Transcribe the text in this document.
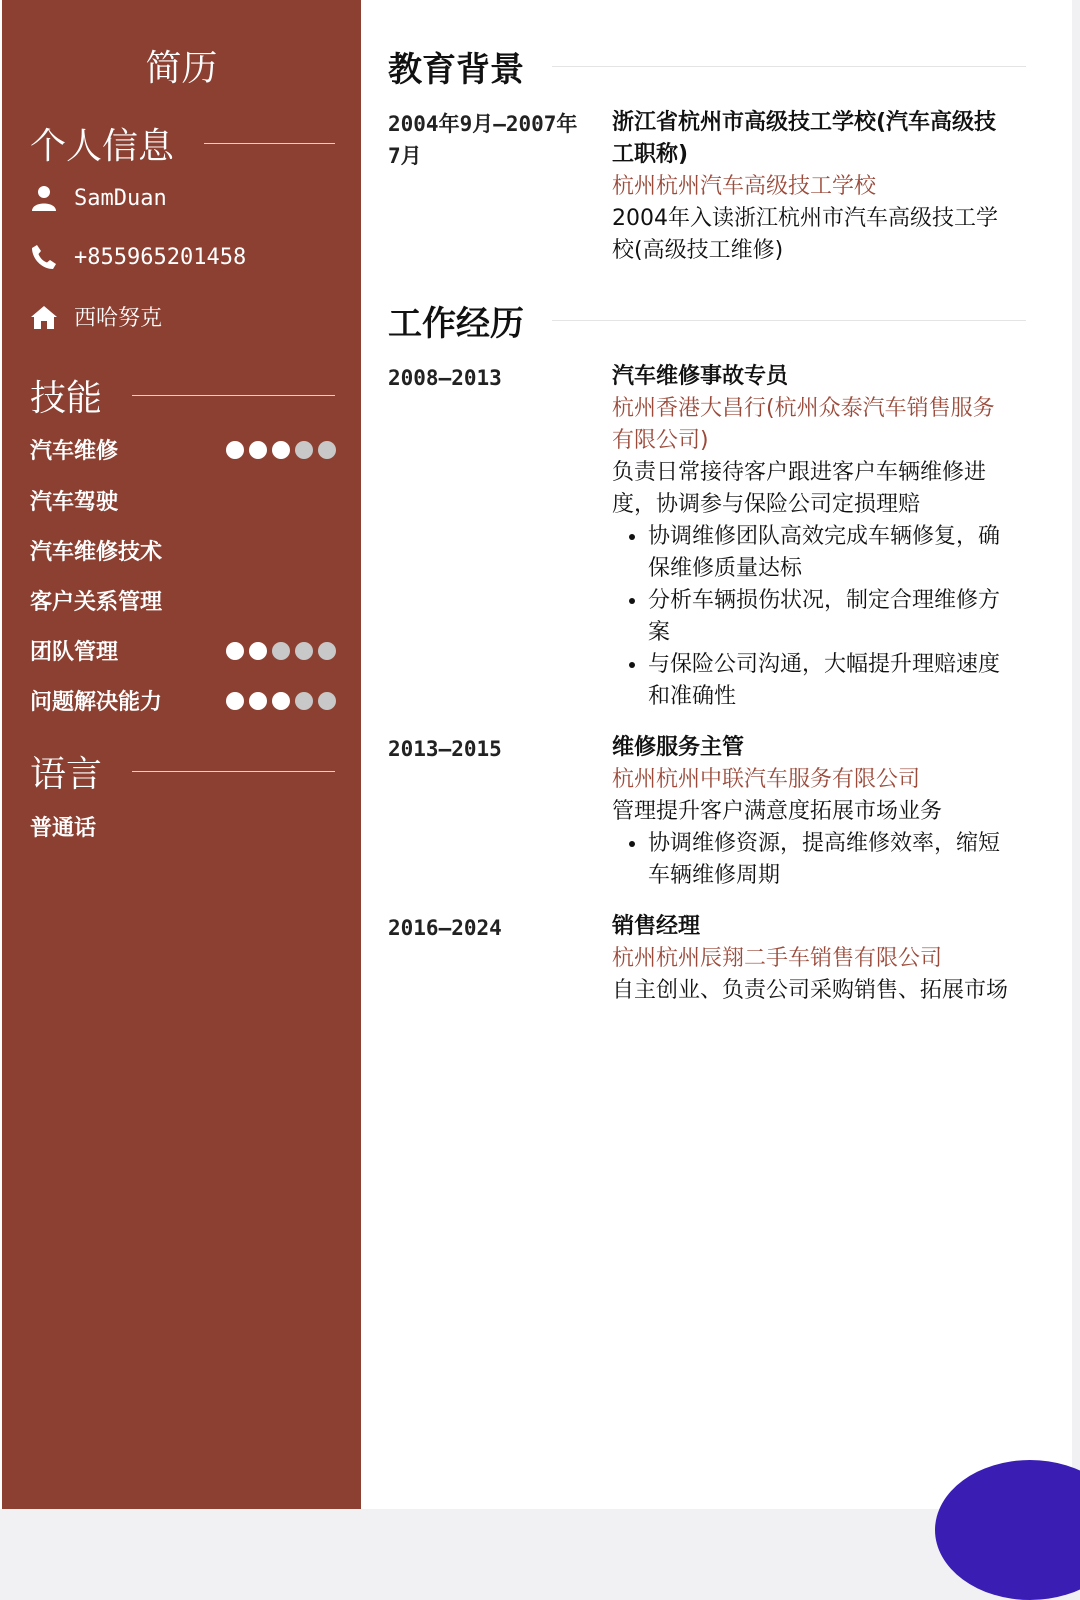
简历
个人信息
SamDuan
+855965201458
西哈努克
技能
汽车维修
汽车驾驶
汽车维修技术
客户关系管理
团队管理
问题解决能力
语言
普通话
教育背景
2004年9月–2007年7月
浙江省杭州市高级技工学校(汽车高级技工职称)
杭州杭州汽车高级技工学校
2004年入读浙江杭州市汽车高级技工学校(高级技工维修)
工作经历
2008–2013	汽车维修事故专员
杭州香港大昌行(杭州众泰汽车销售服务有限公司)
负责日常接待客户跟进客户车辆维修进度，协调参与保险公司定损理赔
• 协调维修团队高效完成车辆修复，确保维修质量达标
• 分析车辆损伤状况，制定合理维修方案
• 与保险公司沟通，大幅提升理赔速度和准确性
2013–2015	维修服务主管
杭州杭州中联汽车服务有限公司
管理提升客户满意度拓展市场业务
• 协调维修资源，提高维修效率，缩短车辆维修周期
2016–2024	销售经理
杭州杭州辰翔二手车销售有限公司
自主创业、负责公司采购销售、拓展市场
